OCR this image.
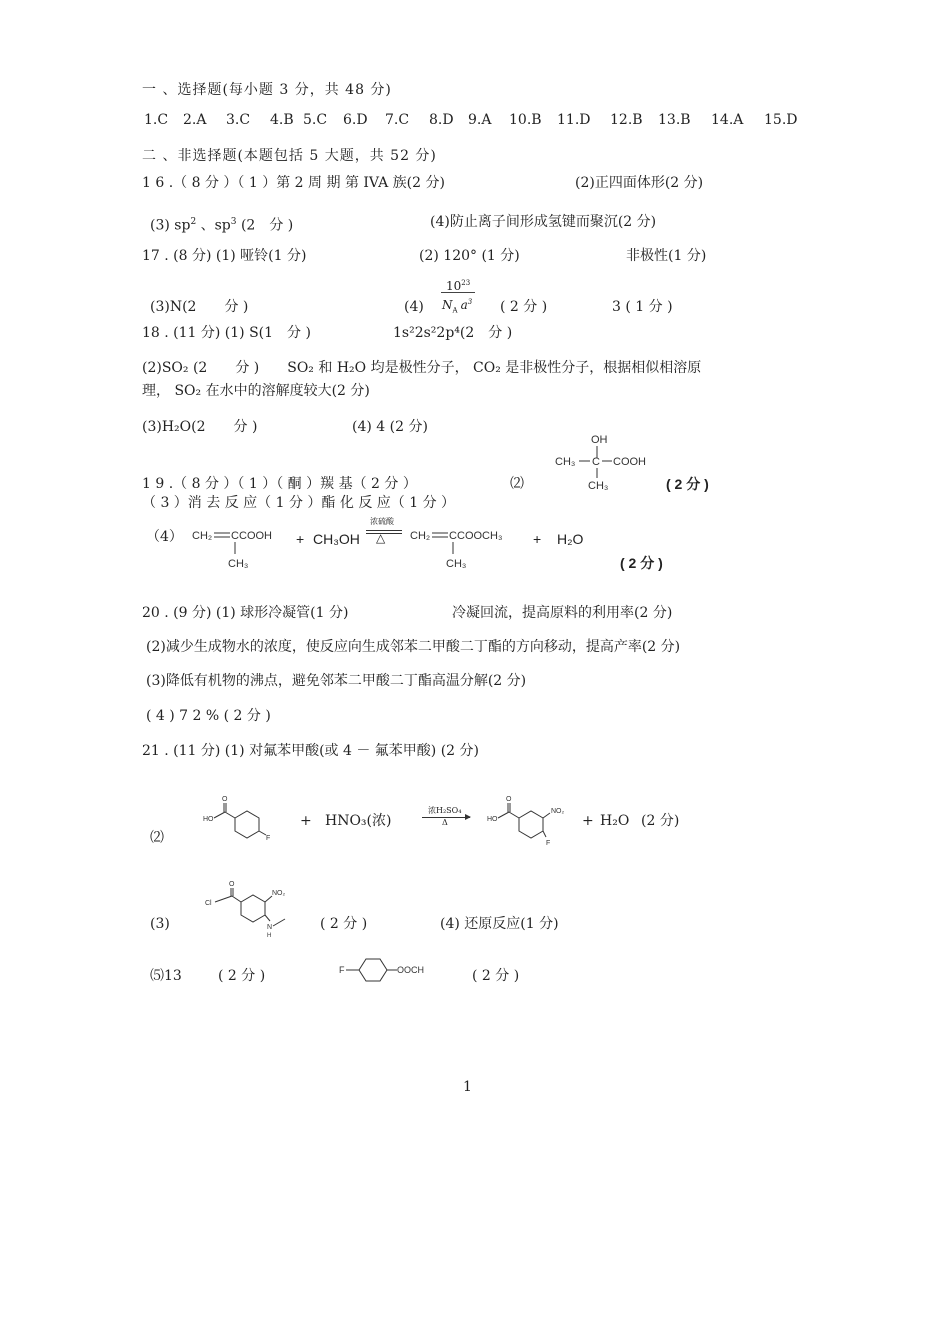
一 、选择题(每小题 3 分，共 48 分)
1.C 2.A 3.C 4.B 5.C 6.D 7.C 8.D 9.A 10.B 11.D 12.B 13.B 14.A 15.D
二 、非选择题(本题包括 5 大题，共 52 分)
1 6 .（ 8 分 ）（ 1 ）第 2 周 期 第 IVA 族(2 分)	(2)正四面体形(2 分)
(3) $sp^2$ 、$sp^3$ (2　分 )	(4)防止离子间形成氢键而聚沉(2 分)
17 . (8 分) (1) 哑铃(1 分)	(2) 120° (1 分)	非极性(1 分)
(3)N(2　　分 )	(4)
$10^{23}$
$N_A$ $a^3$ ( 2 分 )	3 ( 1 分 )
18 . (11 分) (1) S(1　分 )	1s²2s²2p⁴(2　分 )
(2)SO₂ (2　　分 )　　SO₂ 和 H₂O 均是极性分子， CO₂ 是非极性分子，根据相似相溶原
理， SO₂ 在水中的溶解度较大(2 分)
(3)H₂O(2　　分 )	(4) 4 (2 分)
1 9 .（ 8 分 ）（ 1 ）（ 酮 ）羰 基（ 2 分 ）	⑵
OH
CH₃ C COOH
CH₃	( 2 分 )
（ 3 ）消 去 反 应（ 1 分 ）酯 化 反 应（ 1 分 ）
（4） CH₂ C COOH
CH₃
+ CH₃OH
浓硫酸
△ CH₂ C COOCH₃
CH₃
+ H₂O
( 2 分 )
20 . (9 分) (1) 球形冷凝管(1 分)	冷凝回流，提高原料的利用率(2 分)
(2)减少生成物水的浓度，使反应向生成邻苯二甲酸二丁酯的方向移动，提高产率(2 分)
(3)降低有机物的沸点，避免邻苯二甲酸二丁酯高温分解(2 分)
( 4 ) 7 2 % ( 2 分 )
21 . (11 分) (1) 对氟苯甲酸(或 4 － 氟苯甲酸) (2 分)
⑵
O
HO
F
+ HNO₃(浓)
浓H₂SO₄
Δ
O
HO
NO₂
F
+ H₂O (2 分)
(3)
O
Cl
NO₂
N
H
( 2 分 )	(4) 还原反应(1 分)
⑸13	( 2 分 )	F	OOCH	( 2 分 )
1
